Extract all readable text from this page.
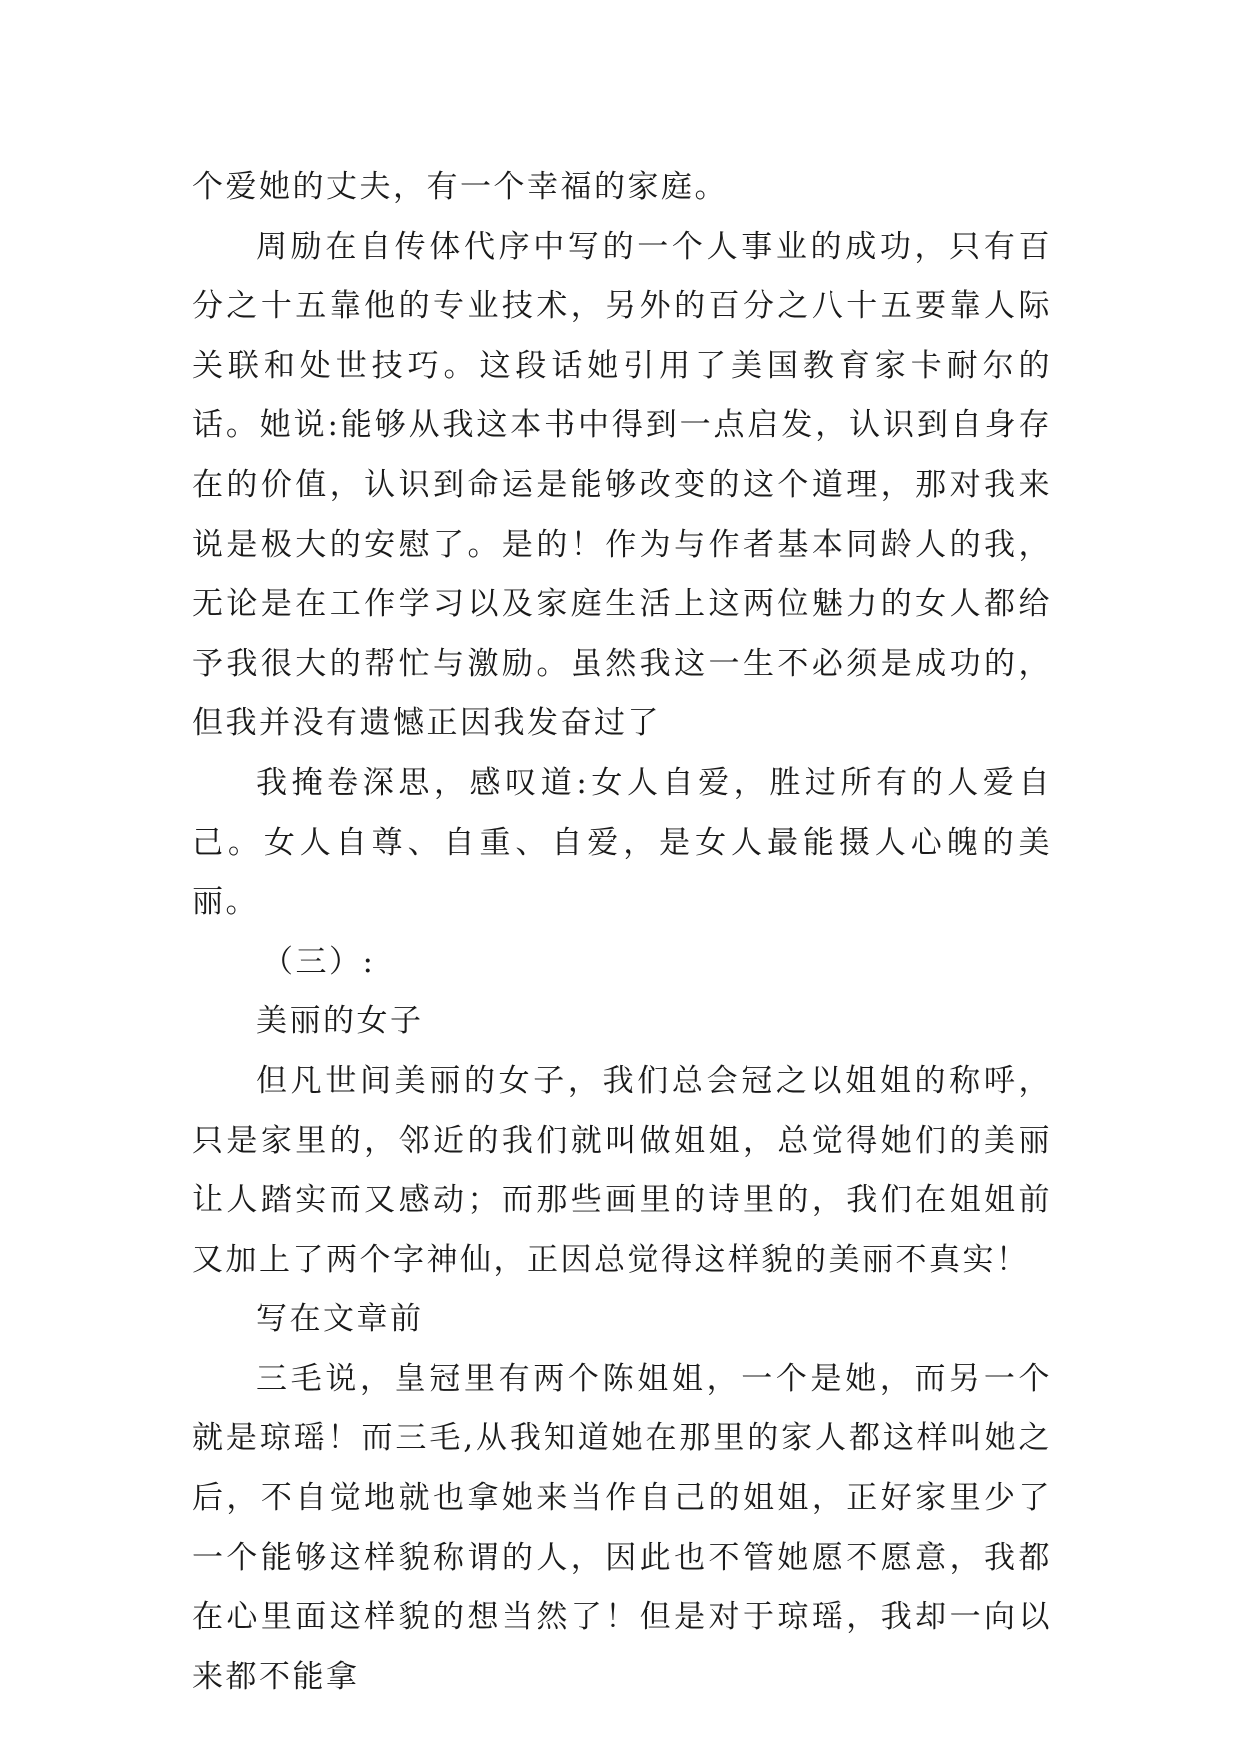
个爱她的丈夫，有一个幸福的家庭。

周励在自传体代序中写的一个人事业的成功，只有百分之十五靠他的专业技术，另外的百分之八十五要靠人际关联和处世技巧。这段话她引用了美国教育家卡耐尔的话。她说:能够从我这本书中得到一点启发，认识到自身存在的价值，认识到命运是能够改变的这个道理，那对我来说是极大的安慰了。是的！作为与作者基本同龄人的我，无论是在工作学习以及家庭生活上这两位魅力的女人都给予我很大的帮忙与激励。虽然我这一生不必须是成功的，但我并没有遗憾正因我发奋过了

我掩卷深思，感叹道:女人自爱，胜过所有的人爱自己。女人自尊、自重、自爱，是女人最能摄人心魄的美丽。

（三）:

美丽的女子

但凡世间美丽的女子，我们总会冠之以姐姐的称呼，只是家里的，邻近的我们就叫做姐姐，总觉得她们的美丽让人踏实而又感动；而那些画里的诗里的，我们在姐姐前又加上了两个字神仙，正因总觉得这样貌的美丽不真实！

写在文章前

三毛说，皇冠里有两个陈姐姐，一个是她，而另一个就是琼瑶！而三毛,从我知道她在那里的家人都这样叫她之后，不自觉地就也拿她来当作自己的姐姐，正好家里少了一个能够这样貌称谓的人，因此也不管她愿不愿意，我都在心里面这样貌的想当然了！但是对于琼瑶，我却一向以来都不能拿
